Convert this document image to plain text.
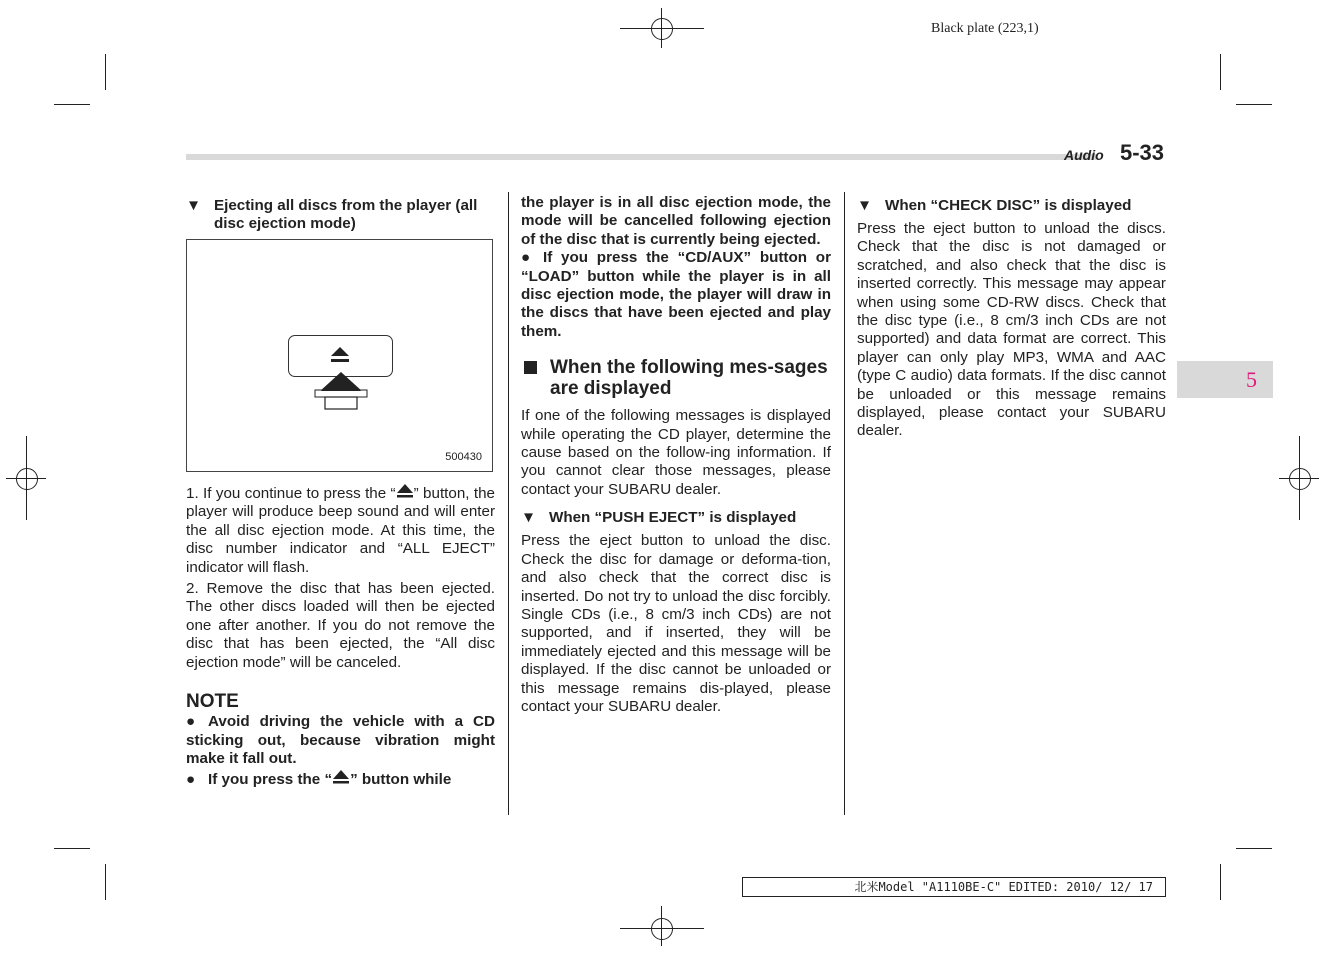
Black plate (223,1)
Audio 5-33
5
▼ Ejecting all discs from the player (all disc ejection mode)
500430

1. If you continue to press the “ ” button, the player will produce beep sound and will enter the all disc ejection mode. At this time, the disc number indicator and “ALL EJECT” indicator will flash.

2. Remove the disc that has been ejected. The other discs loaded will then be ejected one after another. If you do not remove the disc that has been ejected, the “All disc ejection mode” will be canceled.

NOTE

● Avoid driving the vehicle with a CD sticking out, because vibration might make it fall out.

● If you press the “ ” button while

the player is in all disc ejection mode, the mode will be cancelled following ejection of the disc that is currently being ejected.

● If you press the “CD/AUX” button or “LOAD” button while the player is in all disc ejection mode, the player will draw in the discs that have been ejected and play them.

When the following mes-sages are displayed

If one of the following messages is displayed while operating the CD player, determine the cause based on the follow-ing information. If you cannot clear those messages, please contact your SUBARU dealer.

▼ When “PUSH EJECT” is displayed

Press the eject button to unload the disc. Check the disc for damage or deforma-tion, and also check that the correct disc is inserted. Do not try to unload the disc forcibly. Single CDs (i.e., 8 cm/3 inch CDs) are not supported, and if inserted, they will be immediately ejected and this message will be displayed. If the disc cannot be unloaded or this message remains dis-played, please contact your SUBARU dealer.

▼ When “CHECK DISC” is displayed

Press the eject button to unload the discs. Check that the disc is not damaged or scratched, and also check that the disc is inserted correctly. This message may appear when using some CD-RW discs. Check that the disc type (i.e., 8 cm/3 inch CDs are not supported) and data format are correct. This player can only play MP3, WMA and AAC (type C audio) data formats. If the disc cannot be unloaded or this message remains displayed, please contact your SUBARU dealer.

北米Model "A1110BE-C" EDITED: 2010/ 12/ 17
